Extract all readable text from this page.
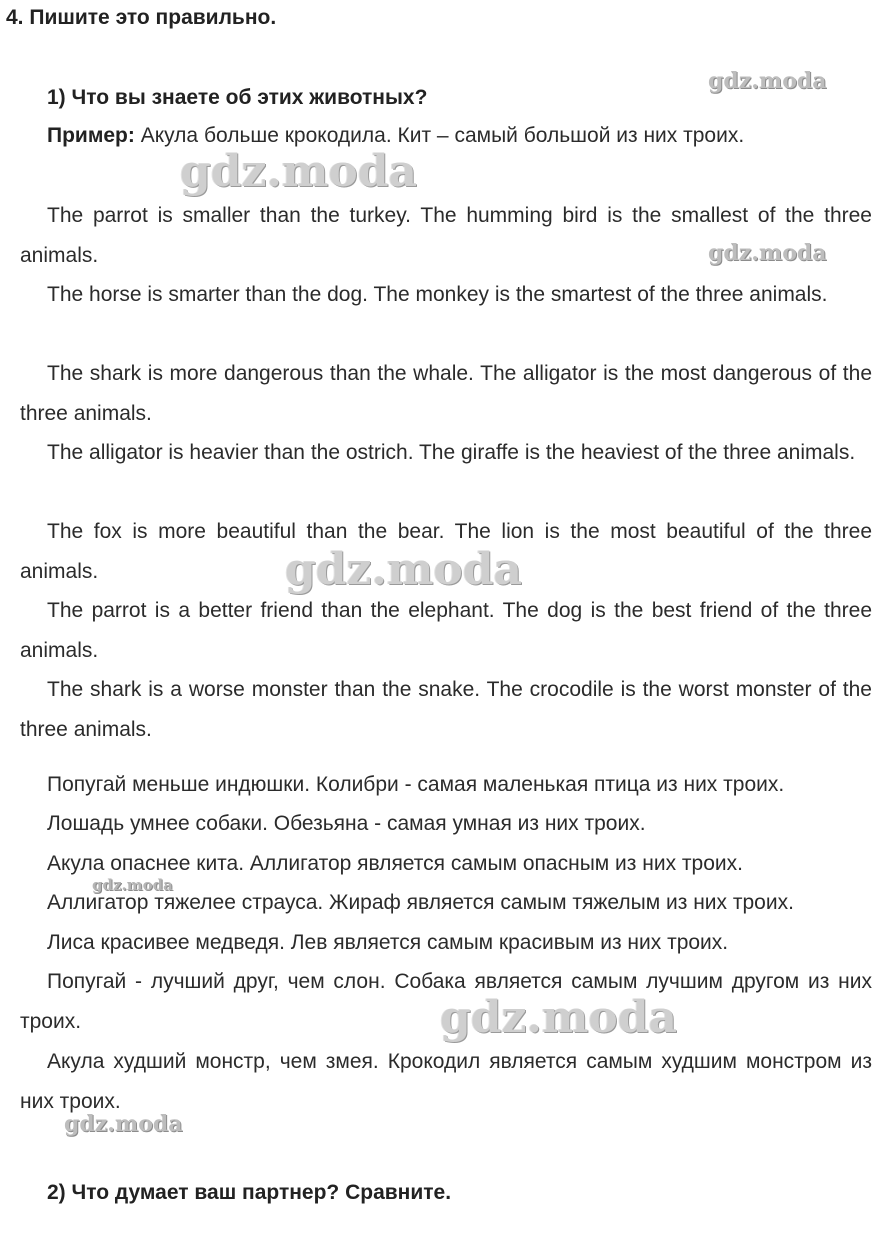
4. Пишите это правильно.
1) Что вы знаете об этих животных?

Пример: Акула больше крокодила. Кит – самый большой из них троих.

The parrot is smaller than the turkey. The humming bird is the smallest of the three animals.

The horse is smarter than the dog. The monkey is the smartest of the three animals.

The shark is more dangerous than the whale. The alligator is the most dangerous of the three animals.

The alligator is heavier than the ostrich. The giraffe is the heaviest of the three animals.

The fox is more beautiful than the bear. The lion is the most beautiful of the three animals.

The parrot is a better friend than the elephant. The dog is the best friend of the three animals.

The shark is a worse monster than the snake. The crocodile is the worst monster of the three animals.

Попугай меньше индюшки. Колибри - самая маленькая птица из них троих.

Лошадь умнее собаки. Обезьяна - самая умная из них троих.

Акула опаснее кита. Аллигатор является самым опасным из них троих.

Аллигатор тяжелее страуса. Жираф является самым тяжелым из них троих.

Лиса красивее медведя. Лев является самым красивым из них троих.

Попугай - лучший друг, чем слон. Собака является самым лучшим другом из них троих.

Акула худший монстр, чем змея. Крокодил является самым худшим монстром из них троих.

2) Что думает ваш партнер? Сравните.
gdz.moda
gdz.moda
gdz.moda
gdz.moda
gdz.moda
gdz.moda
gdz.moda
